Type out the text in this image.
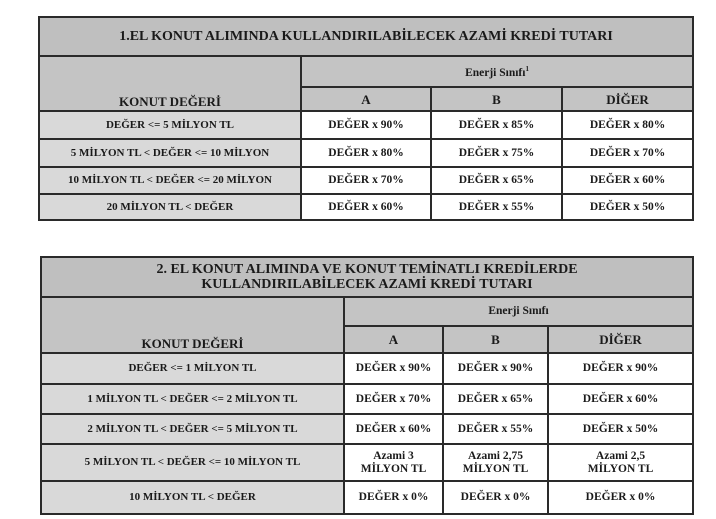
1.EL KONUT ALIMINDA KULLANDIRILABİLECEK AZAMİ KREDİ TUTARI			
KONUT DEĞERİ	Enerji Sınıfı$^1$
	A	B	DİĞER
DEĞER <= 5 MİLYON TL	DEĞER x 90%	DEĞER x 85%	DEĞER x 80%
5 MİLYON TL < DEĞER <= 10 MİLYON	DEĞER x 80%	DEĞER x 75%	DEĞER x 70%
10 MİLYON TL < DEĞER <= 20 MİLYON	DEĞER x 70%	DEĞER x 65%	DEĞER x 60%
20 MİLYON TL < DEĞER	DEĞER x 60%	DEĞER x 55%	DEĞER x 50%
2. EL KONUT ALIMINDA VE KONUT TEMİNATLI KREDİLERDE
KULLANDIRILABİLECEK AZAMİ KREDİ TUTARI			

KONUT DEĞERİ	Enerji Sınıfı		
	A	B	DİĞER
DEĞER <= 1 MİLYON TL	DEĞER x 90%	DEĞER x 90%	DEĞER x 90%
1 MİLYON TL < DEĞER <= 2 MİLYON TL	DEĞER x 70%	DEĞER x 65%	DEĞER x 60%
2 MİLYON TL < DEĞER <= 5 MİLYON TL	DEĞER x 60%	DEĞER x 55%	DEĞER x 50%
5 MİLYON TL < DEĞER <= 10 MİLYON TL	Azami 3 MİLYON TL	Azami 2,75 MİLYON TL	Azami 2,5 MİLYON TL
10 MİLYON TL < DEĞER	DEĞER x 0%	DEĞER x 0%	DEĞER x 0%
